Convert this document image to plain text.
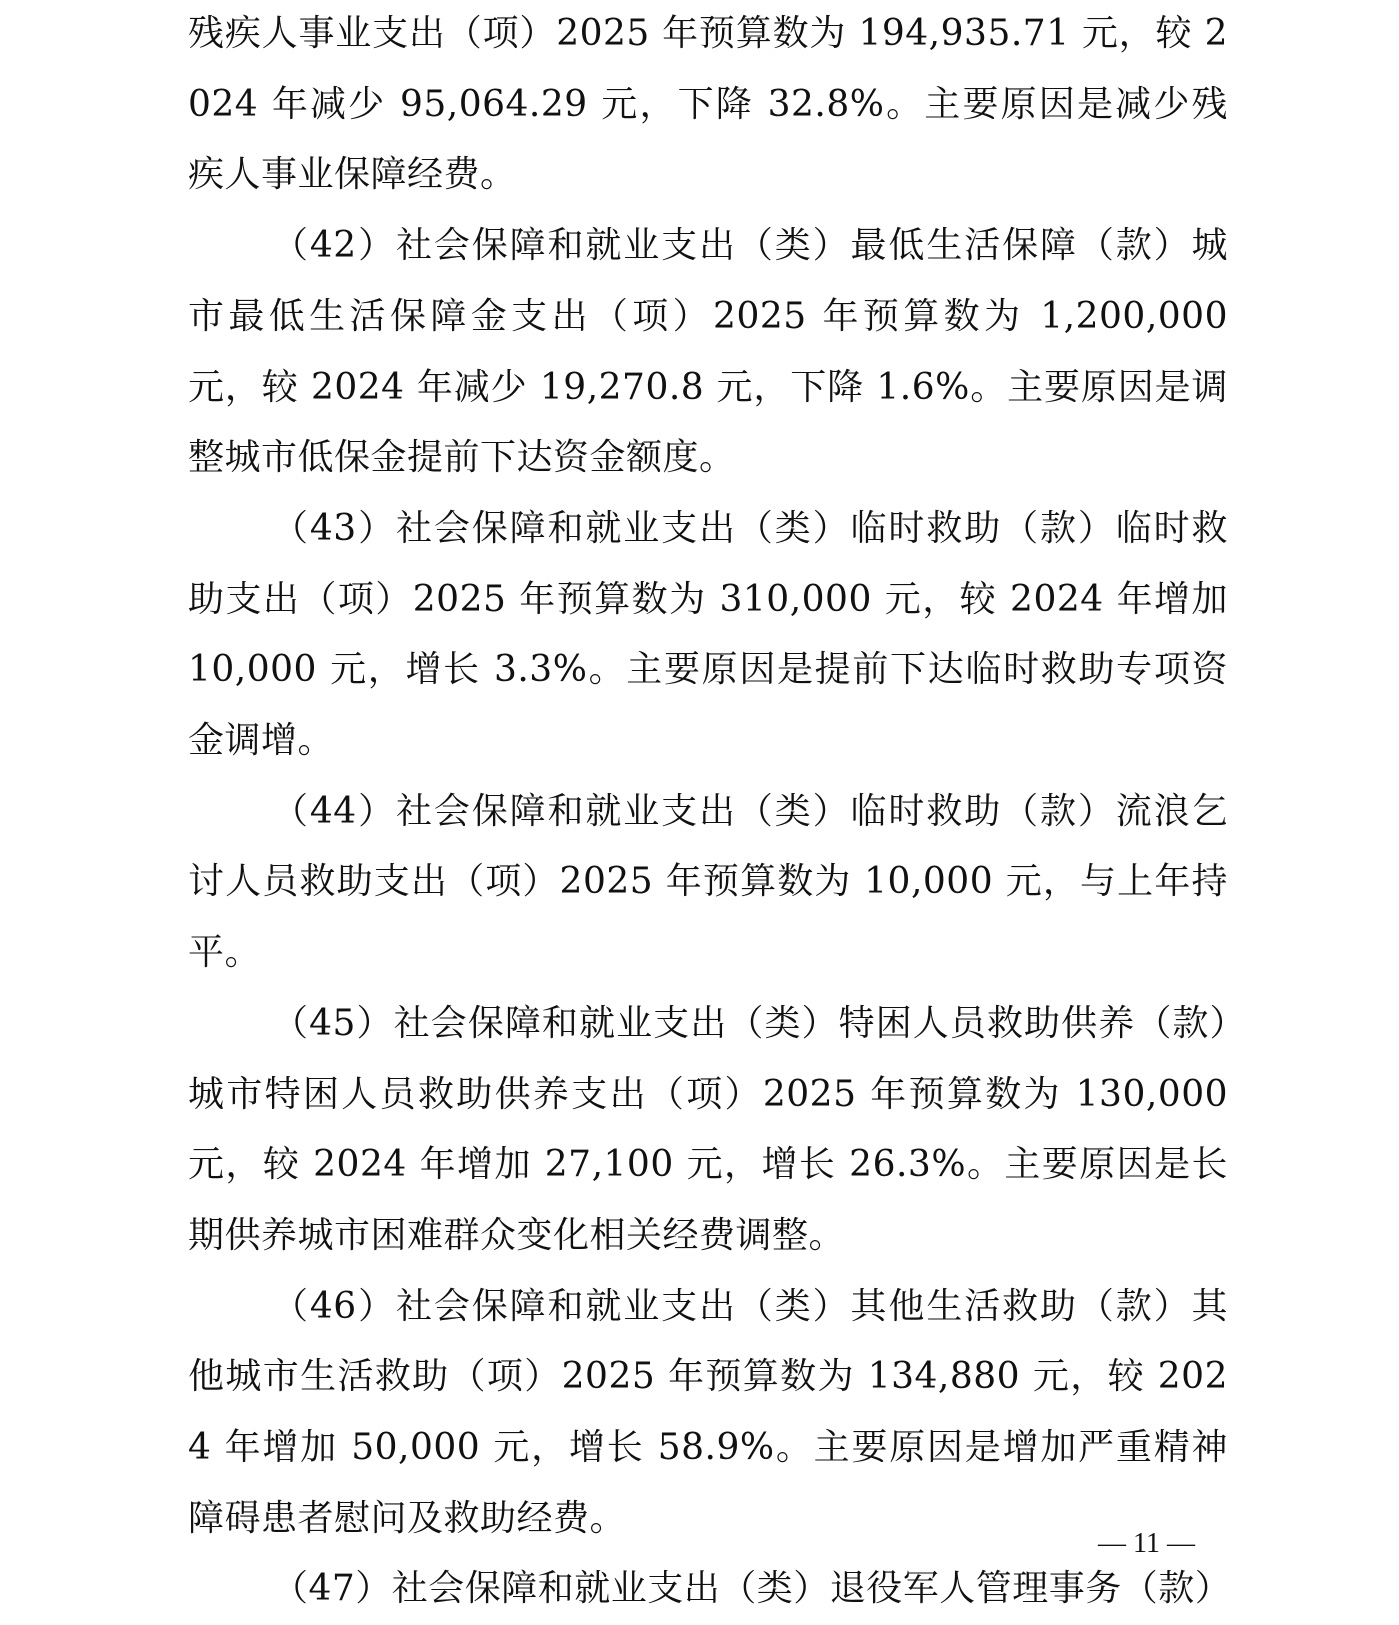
残疾人事业支出（项）2025 年预算数为 194,935.71 元，较 2024 年减少 95,064.29 元，下降 32.8%。主要原因是减少残疾人事业保障经费。

（42）社会保障和就业支出（类）最低生活保障（款）城市最低生活保障金支出（项）2025 年预算数为 1,200,000 元，较 2024 年减少 19,270.8 元，下降 1.6%。主要原因是调整城市低保金提前下达资金额度。

（43）社会保障和就业支出（类）临时救助（款）临时救助支出（项）2025 年预算数为 310,000 元，较 2024 年增加 10,000 元，增长 3.3%。主要原因是提前下达临时救助专项资金调增。

（44）社会保障和就业支出（类）临时救助（款）流浪乞讨人员救助支出（项）2025 年预算数为 10,000 元，与上年持平。

（45）社会保障和就业支出（类）特困人员救助供养（款）城市特困人员救助供养支出（项）2025 年预算数为 130,000 元，较 2024 年增加 27,100 元，增长 26.3%。主要原因是长期供养城市困难群众变化相关经费调整。

（46）社会保障和就业支出（类）其他生活救助（款）其他城市生活救助（项）2025 年预算数为 134,880 元，较 2024 年增加 50,000 元，增长 58.9%。主要原因是增加严重精神障碍患者慰问及救助经费。

（47）社会保障和就业支出（类）退役军人管理事务（款）

— 11 —
